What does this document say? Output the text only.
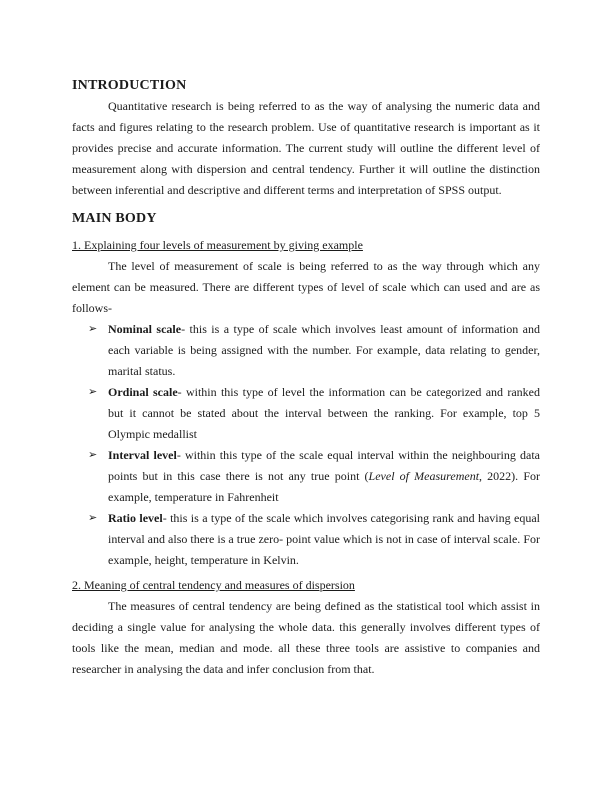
INTRODUCTION

Quantitative research is being referred to as the way of analysing the numeric data and facts and figures relating to the research problem. Use of quantitative research is important as it provides precise and accurate information. The current study will outline the different level of measurement along with dispersion and central tendency. Further it will outline the distinction between inferential and descriptive and different terms and interpretation of SPSS output.

MAIN BODY
1. Explaining four levels of measurement by giving example

The level of measurement of scale is being referred to as the way through which any element can be measured. There are different types of level of scale which can used and are as follows-

➢ Nominal scale- this is a type of scale which involves least amount of information and each variable is being assigned with the number. For example, data relating to gender, marital status.
➢ Ordinal scale- within this type of level the information can be categorized and ranked but it cannot be stated about the interval between the ranking. For example, top 5 Olympic medallist
➢ Interval level- within this type of the scale equal interval within the neighbouring data points but in this case there is not any true point (Level of Measurement, 2022). For example, temperature in Fahrenheit
➢ Ratio level- this is a type of the scale which involves categorising rank and having equal interval and also there is a true zero- point value which is not in case of interval scale. For example, height, temperature in Kelvin.
2. Meaning of central tendency and measures of dispersion

The measures of central tendency are being defined as the statistical tool which assist in deciding a single value for analysing the whole data. this generally involves different types of tools like the mean, median and mode. all these three tools are assistive to companies and researcher in analysing the data and infer conclusion from that.
